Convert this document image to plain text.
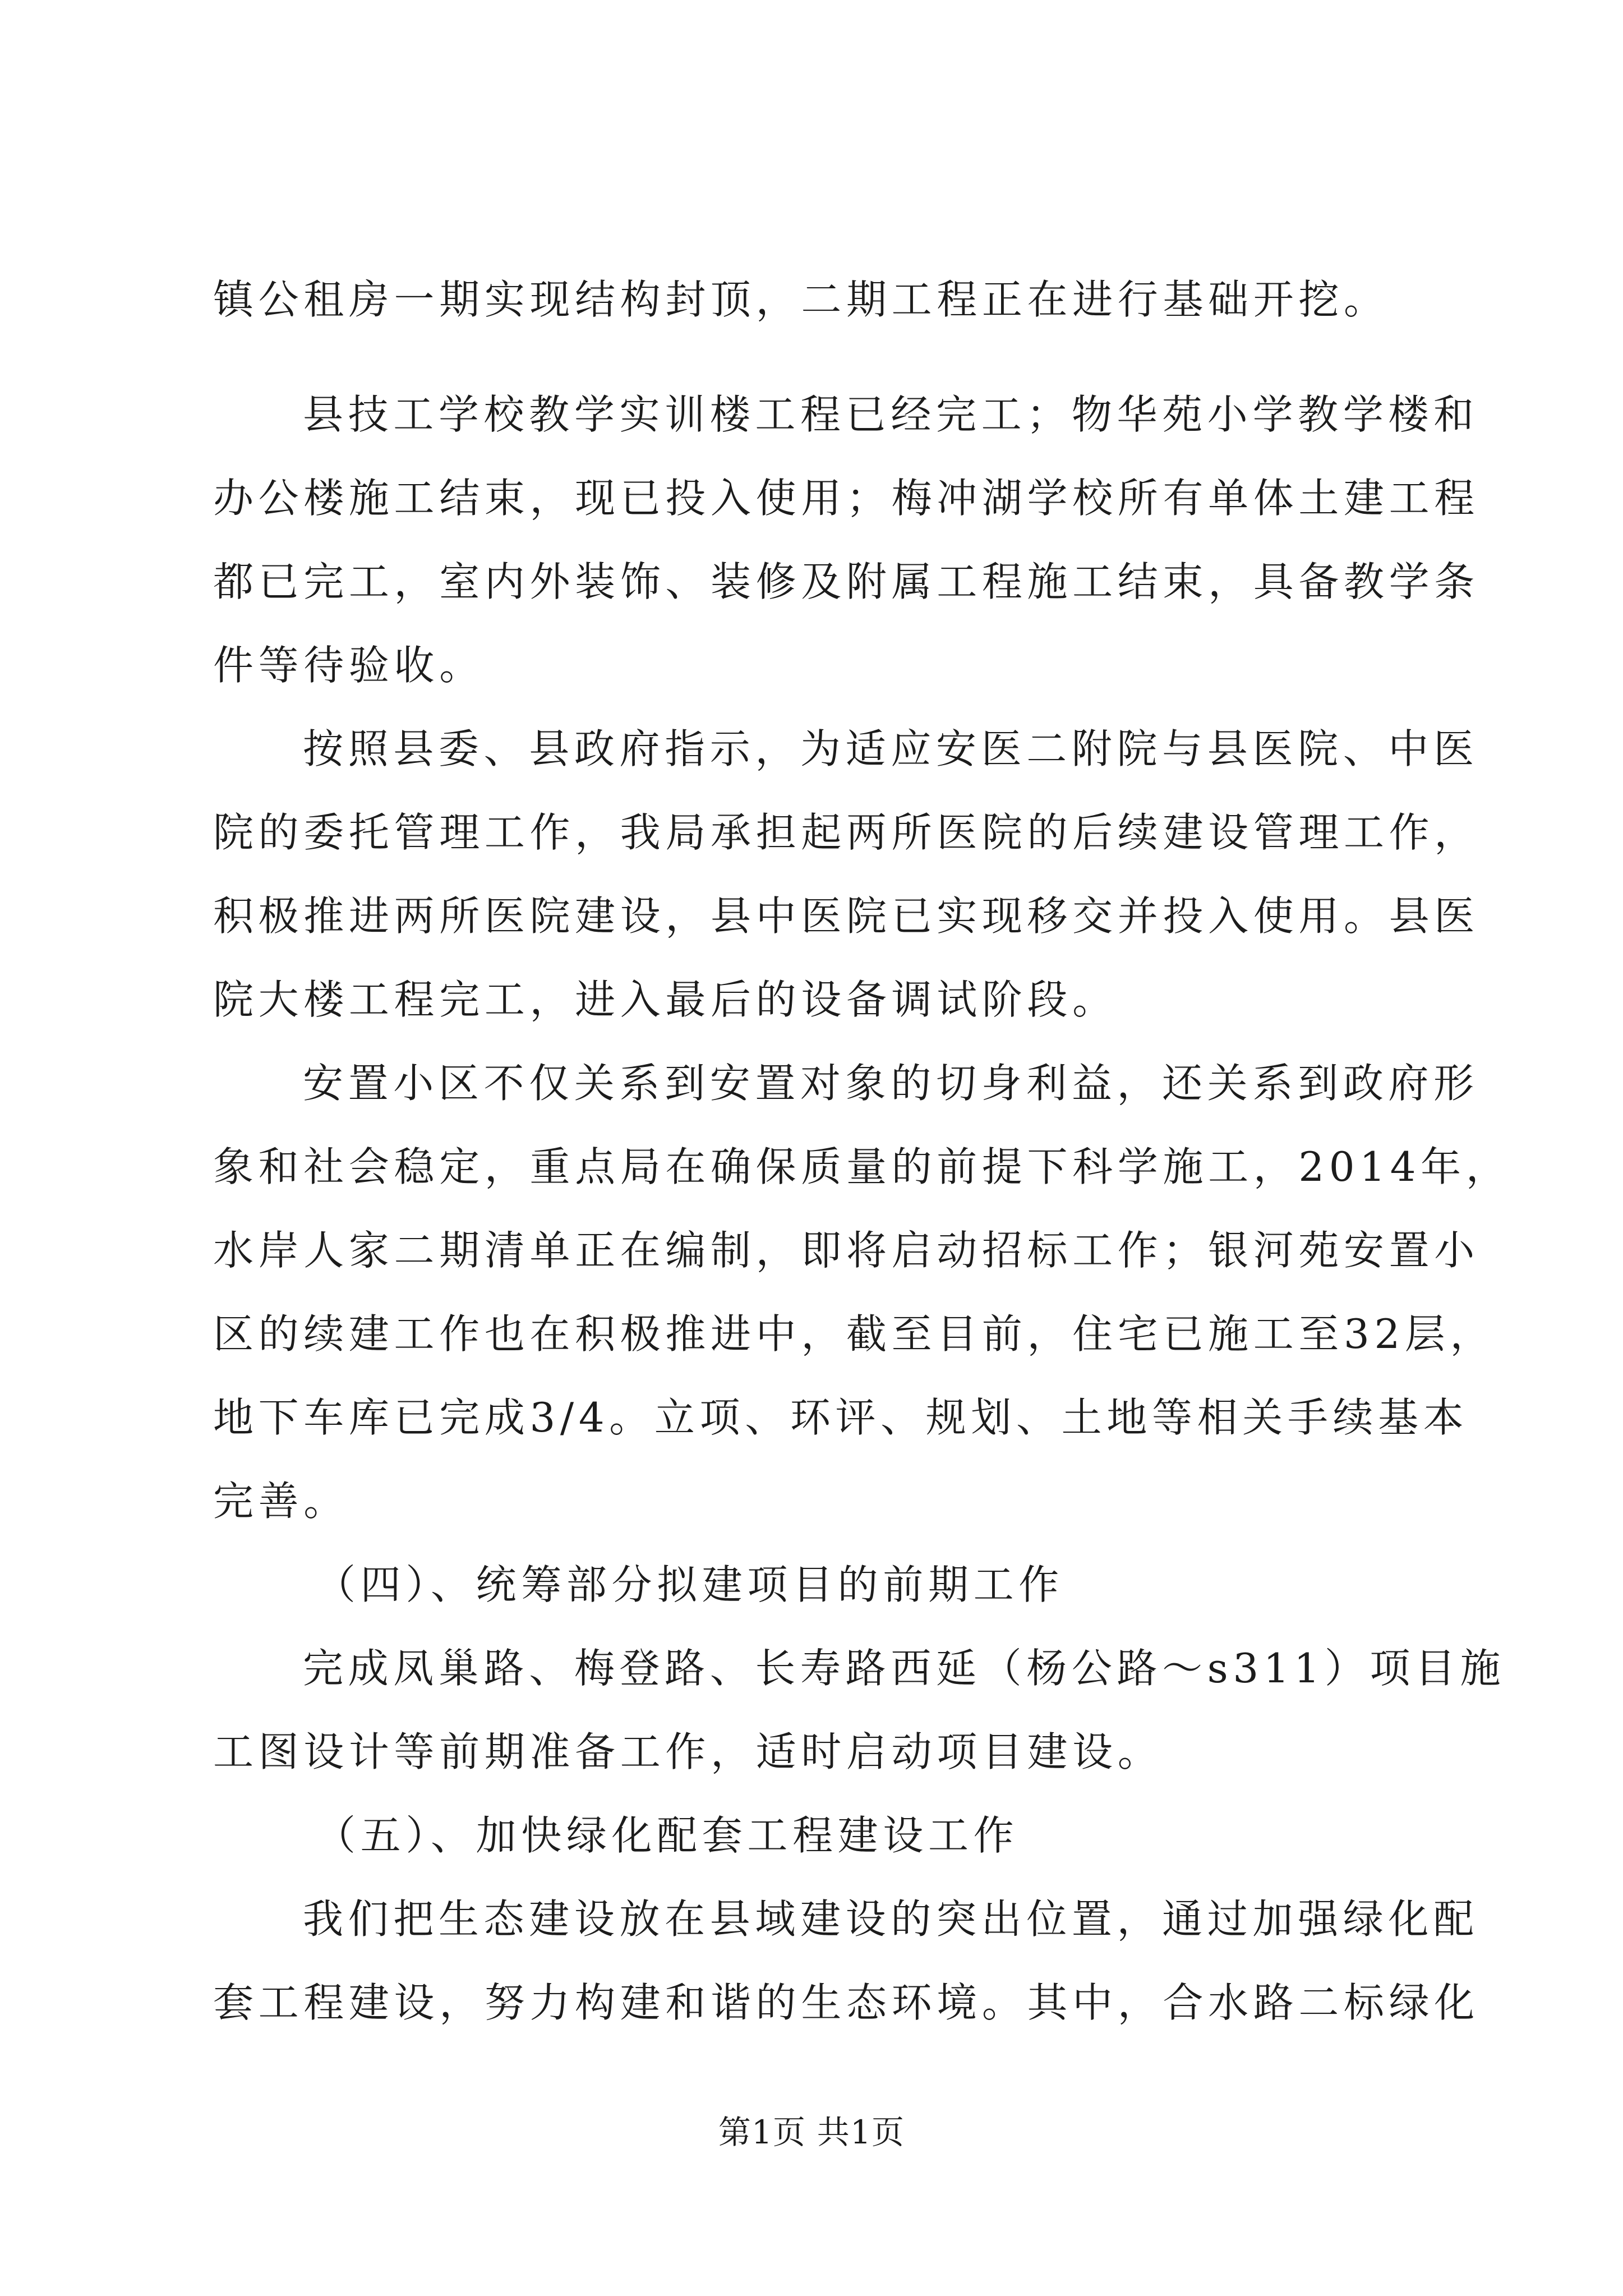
镇公租房一期实现结构封顶，二期工程正在进行基础开挖。
县技工学校教学实训楼工程已经完工；物华苑小学教学楼和
办公楼施工结束，现已投入使用；梅冲湖学校所有单体土建工程
都已完工，室内外装饰、装修及附属工程施工结束，具备教学条
件等待验收。
按照县委、县政府指示，为适应安医二附院与县医院、中医
院的委托管理工作，我局承担起两所医院的后续建设管理工作，
积极推进两所医院建设，县中医院已实现移交并投入使用。县医
院大楼工程完工，进入最后的设备调试阶段。
安置小区不仅关系到安置对象的切身利益，还关系到政府形
象和社会稳定，重点局在确保质量的前提下科学施工，2014年，
水岸人家二期清单正在编制，即将启动招标工作；银河苑安置小
区的续建工作也在积极推进中，截至目前，住宅已施工至32层，
地下车库已完成3/4。立项、环评、规划、土地等相关手续基本
完善。
（四）、统筹部分拟建项目的前期工作
完成凤巢路、梅登路、长寿路西延（杨公路～s311）项目施
工图设计等前期准备工作，适时启动项目建设。
（五）、加快绿化配套工程建设工作
我们把生态建设放在县域建设的突出位置，通过加强绿化配
套工程建设，努力构建和谐的生态环境。其中，合水路二标绿化
第1页 共1页
